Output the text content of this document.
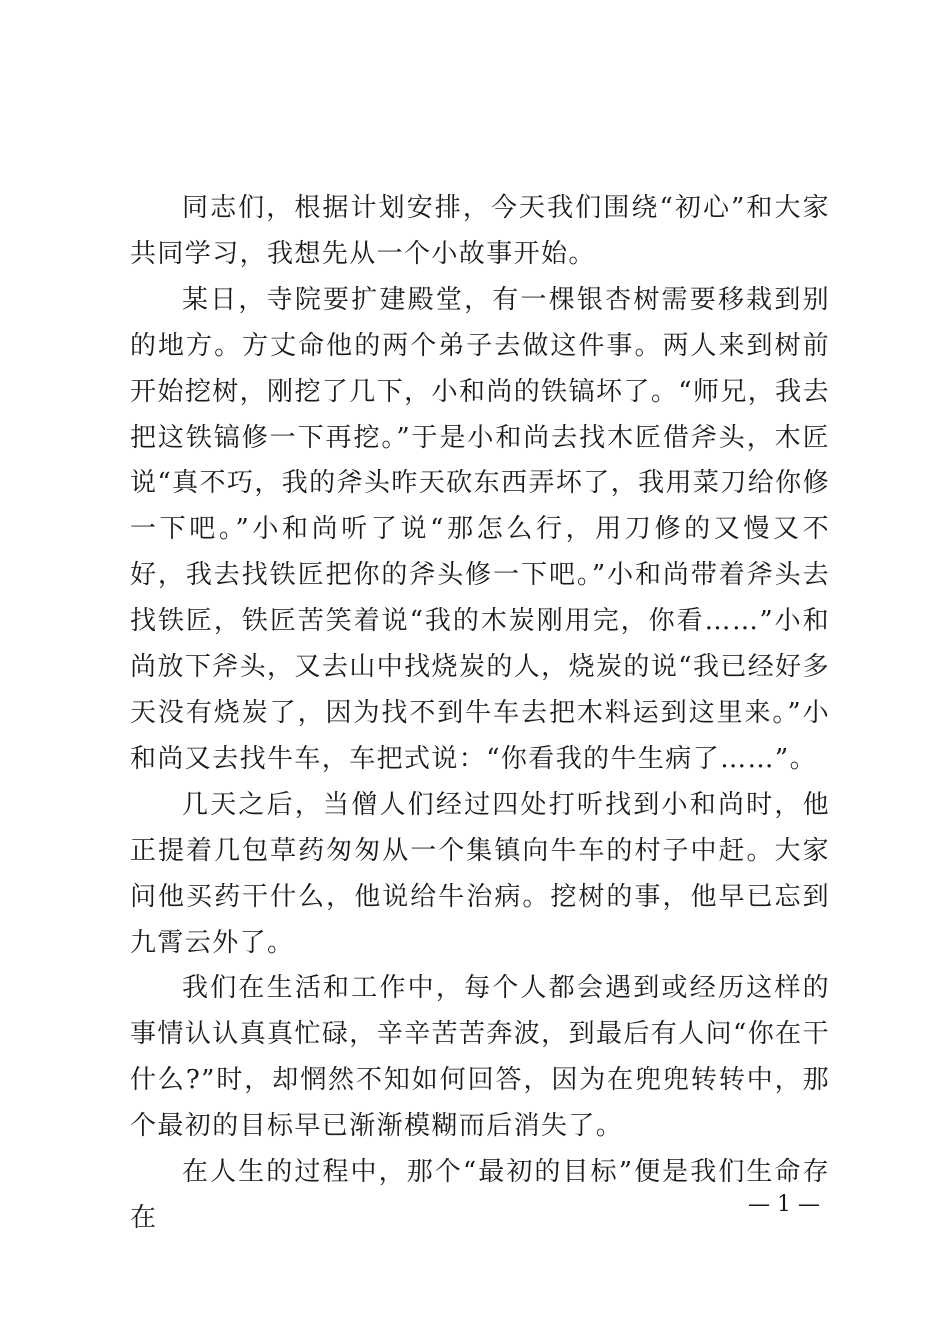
同志们，根据计划安排，今天我们围绕“初心”和大家共同学习，我想先从一个小故事开始。

某日，寺院要扩建殿堂，有一棵银杏树需要移栽到别的地方。方丈命他的两个弟子去做这件事。两人来到树前开始挖树，刚挖了几下，小和尚的铁镐坏了。“师兄，我去把这铁镐修一下再挖。”于是小和尚去找木匠借斧头，木匠说“真不巧，我的斧头昨天砍东西弄坏了，我用菜刀给你修一下吧。”小和尚听了说“那怎么行，用刀修的又慢又不好，我去找铁匠把你的斧头修一下吧。”小和尚带着斧头去找铁匠，铁匠苦笑着说“我的木炭刚用完，你看……”小和尚放下斧头，又去山中找烧炭的人，烧炭的说“我已经好多天没有烧炭了，因为找不到牛车去把木料运到这里来。”小和尚又去找牛车，车把式说：“你看我的牛生病了……”。

几天之后，当僧人们经过四处打听找到小和尚时，他正提着几包草药匆匆从一个集镇向牛车的村子中赶。大家问他买药干什么，他说给牛治病。挖树的事，他早已忘到九霄云外了。

我们在生活和工作中，每个人都会遇到或经历这样的事情认认真真忙碌，辛辛苦苦奔波，到最后有人问“你在干什么?”时，却惘然不知如何回答，因为在兜兜转转中，那个最初的目标早已渐渐模糊而后消失了。

在人生的过程中，那个“最初的目标”便是我们生命存在	— 1 —
